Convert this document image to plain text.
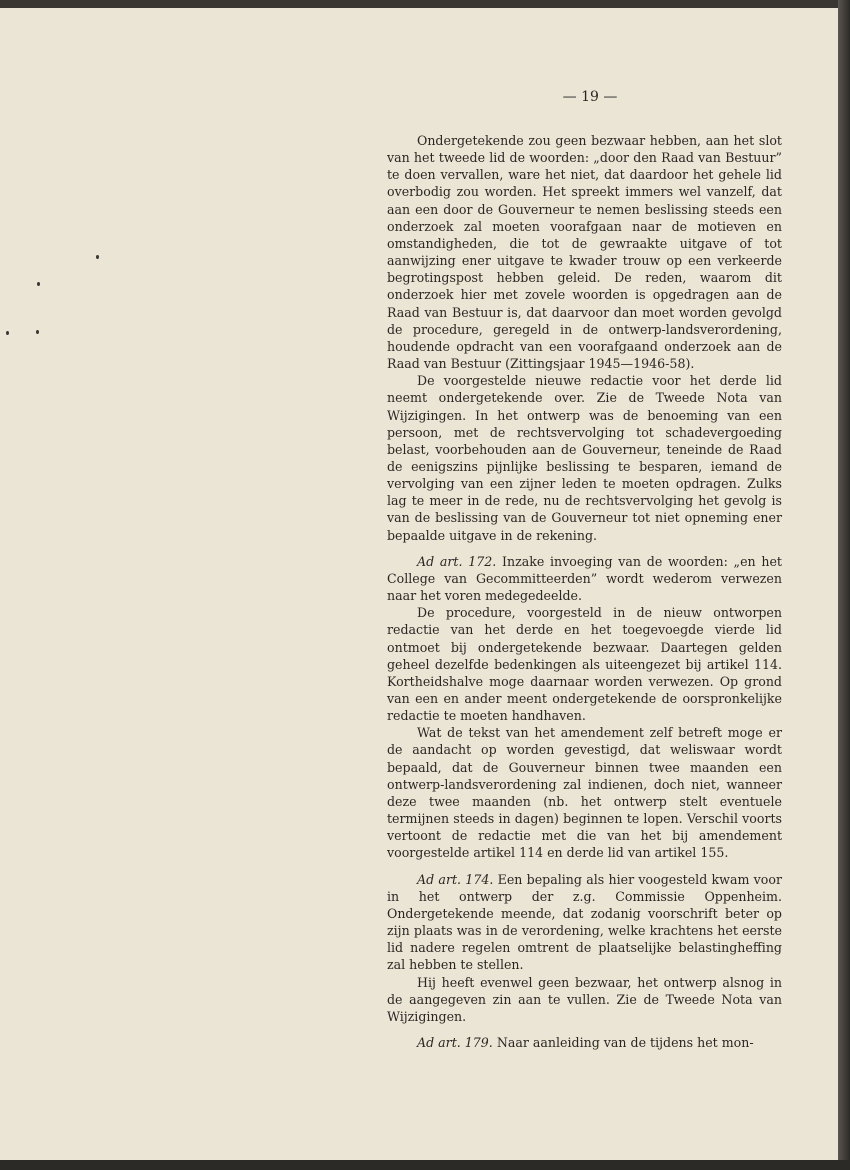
— 19 —

Ondergetekende zou geen bezwaar hebben, aan het slot van het tweede lid de woorden: „door den Raad van Bestuur” te doen vervallen, ware het niet, dat daardoor het gehele lid overbodig zou worden. Het spreekt immers wel vanzelf, dat aan een door de Gouverneur te nemen beslissing steeds een onderzoek zal moeten voorafgaan naar de motieven en omstandigheden, die tot de gewraakte uitgave of tot aanwijzing ener uitgave te kwader trouw op een verkeerde begrotingspost hebben geleid. De reden, waarom dit onderzoek hier met zovele woorden is opgedragen aan de Raad van Bestuur is, dat daarvoor dan moet worden gevolgd de procedure, geregeld in de ontwerp-landsverordening, houdende opdracht van een voorafgaand onderzoek aan de Raad van Bestuur (Zittingsjaar 1945—1946-58).

De voorgestelde nieuwe redactie voor het derde lid neemt ondergetekende over. Zie de Tweede Nota van Wijzigingen. In het ontwerp was de benoeming van een persoon, met de rechtsvervolging tot schadevergoeding belast, voorbehouden aan de Gouverneur, teneinde de Raad de eenigszins pijnlijke beslissing te besparen, iemand de vervolging van een zijner leden te moeten opdragen. Zulks lag te meer in de rede, nu de rechtsvervolging het gevolg is van de beslissing van de Gouverneur tot niet opneming ener bepaalde uitgave in de rekening.

Ad art. 172. Inzake invoeging van de woorden: „en het College van Gecommitteerden” wordt wederom verwezen naar het voren medegedeelde.

De procedure, voorgesteld in de nieuw ontworpen redactie van het derde en het toegevoegde vierde lid ontmoet bij ondergetekende bezwaar. Daartegen gelden geheel dezelfde bedenkingen als uiteengezet bij artikel 114. Kortheidshalve moge daarnaar worden verwezen. Op grond van een en ander meent ondergetekende de oorspronkelijke redactie te moeten handhaven.

Wat de tekst van het amendement zelf betreft moge er de aandacht op worden gevestigd, dat weliswaar wordt bepaald, dat de Gouverneur binnen twee maanden een ontwerp-landsverordening zal indienen, doch niet, wanneer deze twee maanden (nb. het ontwerp stelt eventuele termijnen steeds in dagen) beginnen te lopen. Verschil voorts vertoont de redactie met die van het bij amendement voorgestelde artikel 114 en derde lid van artikel 155.

Ad art. 174. Een bepaling als hier voogesteld kwam voor in het ontwerp der z.g. Commissie Oppenheim. Ondergetekende meende, dat zodanig voorschrift beter op zijn plaats was in de verordening, welke krachtens het eerste lid nadere regelen omtrent de plaatselijke belastingheffing zal hebben te stellen.

Hij heeft evenwel geen bezwaar, het ontwerp alsnog in de aangegeven zin aan te vullen. Zie de Tweede Nota van Wijzigingen.

Ad art. 179. Naar aanleiding van de tijdens het mon-
